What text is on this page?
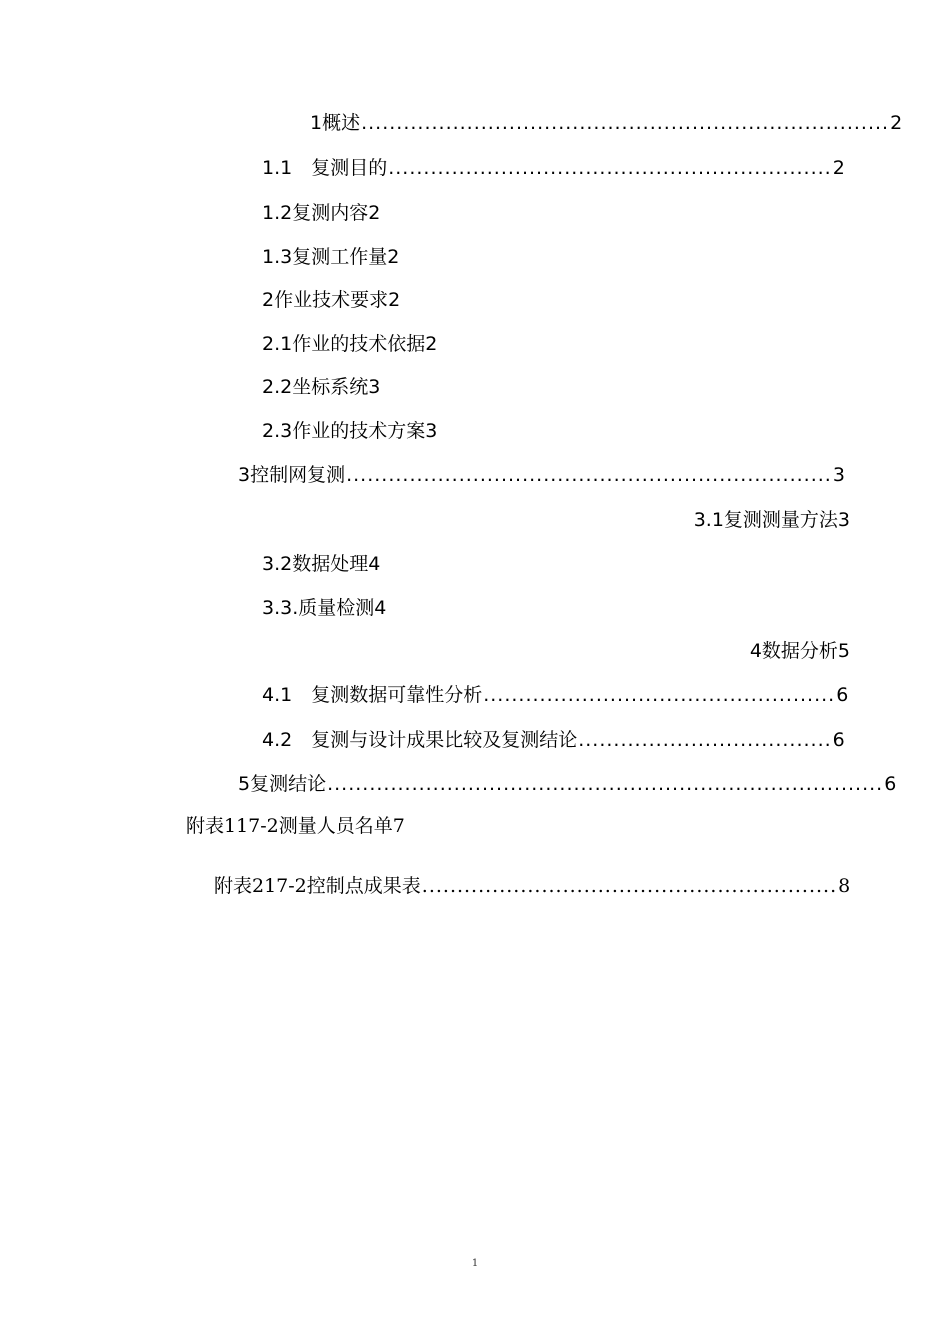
1概述 ........................................................................... 2
1.1　复测目的 ............................................................... 2
1.2复测内容2
1.3复测工作量2
2作业技术要求2
2.1作业的技术依据2
2.2坐标系统3
2.3作业的技术方案3
3控制网复测 ..................................................................... 3
3.1复测测量方法3
3.2数据处理4
3.3.质量检测4
4数据分析5
4.1　复测数据可靠性分析 .................................................. 6
4.2　复测与设计成果比较及复测结论 .................................... 6
5复测结论 ............................................................................... 6
附表117-2测量人员名单7
附表217-2控制点成果表 ........................................................... 8
1
